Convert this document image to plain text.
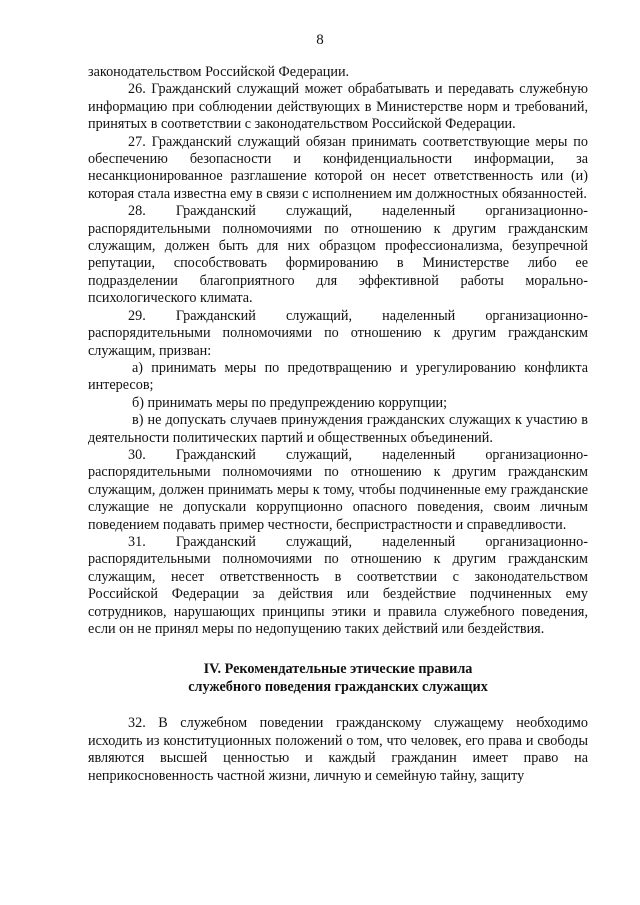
8

законодательством Российской Федерации.

26. Гражданский служащий может обрабатывать и передавать служебную информацию при соблюдении действующих в Министерстве норм и требований, принятых в соответствии с законодательством Российской Федерации.

27. Гражданский служащий обязан принимать соответствующие меры по обеспечению безопасности и конфиденциальности информации, за несанкционированное разглашение которой он несет ответственность или (и) которая стала известна ему в связи с исполнением им должностных обязанностей.

28. Гражданский служащий, наделенный организационно-распорядительными полномочиями по отношению к другим гражданским служащим, должен быть для них образцом профессионализма, безупречной репутации, способствовать формированию в Министерстве либо ее подразделении благоприятного для эффективной работы морально-психологического климата.

29. Гражданский служащий, наделенный организационно-распорядительными полномочиями по отношению к другим гражданским служащим, призван:

а) принимать меры по предотвращению и урегулированию конфликта интересов;

б) принимать меры по предупреждению коррупции;

в) не допускать случаев принуждения гражданских служащих к участию в деятельности политических партий и общественных объединений.

30. Гражданский служащий, наделенный организационно-распорядительными полномочиями по отношению к другим гражданским служащим, должен принимать меры к тому, чтобы подчиненные ему гражданские служащие не допускали коррупционно опасного поведения, своим личным поведением подавать пример честности, беспристрастности и справедливости.

31. Гражданский служащий, наделенный организационно-распорядительными полномочиями по отношению к другим гражданским служащим, несет ответственность в соответствии с законодательством Российской Федерации за действия или бездействие подчиненных ему сотрудников, нарушающих принципы этики и правила служебного поведения, если он не принял меры по недопущению таких действий или бездействия.

IV. Рекомендательные этические правила
служебного поведения гражданских служащих

32. В служебном поведении гражданскому служащему необходимо исходить из конституционных положений о том, что человек, его права и свободы являются высшей ценностью и каждый гражданин имеет право на неприкосновенность частной жизни, личную и семейную тайну, защиту
